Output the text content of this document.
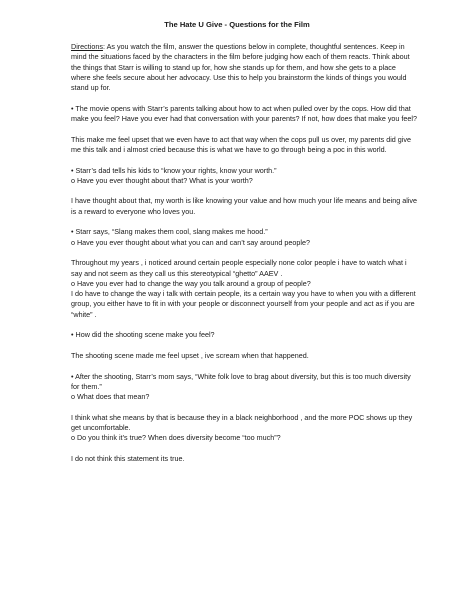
The Hate U Give - Questions for the Film

Directions: As you watch the film, answer the questions below in complete, thoughtful sentences. Keep in mind the situations faced by the characters in the film before judging how each of them reacts. Think about the things that Starr is willing to stand up for, how she stands up for them, and how she gets to a place where she feels secure about her advocacy. Use this to help you brainstorm the kinds of things you would stand up for.

• The movie opens with Starr’s parents talking about how to act when pulled over by the cops. How did that make you feel? Have you ever had that conversation with your parents? If not, how does that make you feel?

This make me feel upset that we even have to act that way when the cops pull us over, my parents did give me this talk and i almost cried because this is what we have to go through being a poc in this world.

• Starr’s dad tells his kids to “know your rights, know your worth.”

o Have you ever thought about that? What is your worth?

I have thought about that, my worth is like knowing your value and how much your life means and being alive is a reward to everyone who loves you.

• Starr says, “Slang makes them cool, slang makes me hood.”

o Have you ever thought about what you can and can’t say around people?

Throughout my years , i noticed around certain people especially none color people i have to watch what i say and not seem as they call us this stereotypical “ghetto” AAEV .

o Have you ever had to change the way you talk around a group of people?

I do have to change the way i talk with certain people, its a certain way you have to when you with a different group, you either have to fit in with your people or disconnect yourself from your people and act as if you are “white” .

• How did the shooting scene make you feel?

The shooting scene made me feel upset , ive scream when that happened.

• After the shooting, Starr’s mom says, “White folk love to brag about diversity, but this is too much diversity for them.”

o What does that mean?

I think what she means by that is because they in a black neighborhood , and the more POC shows up they get uncomfortable.

o Do you think it’s true? When does diversity become “too much”?

I do not think this statement its true.
